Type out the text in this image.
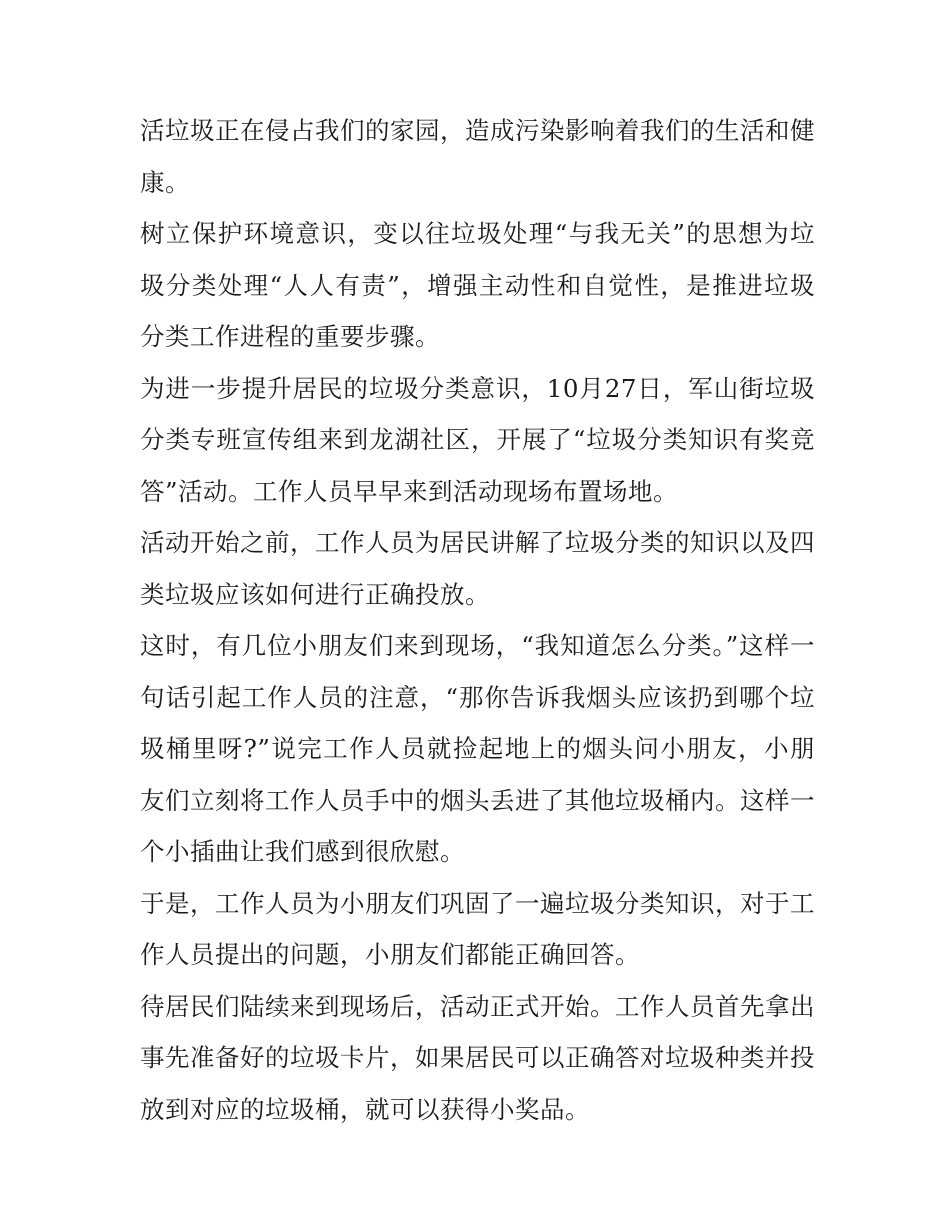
活垃圾正在侵占我们的家园，造成污染影响着我们的生活和健康。

树立保护环境意识，变以往垃圾处理“与我无关”的思想为垃圾分类处理“人人有责”，增强主动性和自觉性，是推进垃圾分类工作进程的重要步骤。

为进一步提升居民的垃圾分类意识，10月27日，军山街垃圾分类专班宣传组来到龙湖社区，开展了“垃圾分类知识有奖竞答”活动。工作人员早早来到活动现场布置场地。

活动开始之前，工作人员为居民讲解了垃圾分类的知识以及四类垃圾应该如何进行正确投放。

这时，有几位小朋友们来到现场，“我知道怎么分类。”这样一句话引起工作人员的注意，“那你告诉我烟头应该扔到哪个垃圾桶里呀?”说完工作人员就捡起地上的烟头问小朋友，小朋友们立刻将工作人员手中的烟头丢进了其他垃圾桶内。这样一个小插曲让我们感到很欣慰。

于是，工作人员为小朋友们巩固了一遍垃圾分类知识，对于工作人员提出的问题，小朋友们都能正确回答。

待居民们陆续来到现场后，活动正式开始。工作人员首先拿出事先准备好的垃圾卡片，如果居民可以正确答对垃圾种类并投放到对应的垃圾桶，就可以获得小奖品。
